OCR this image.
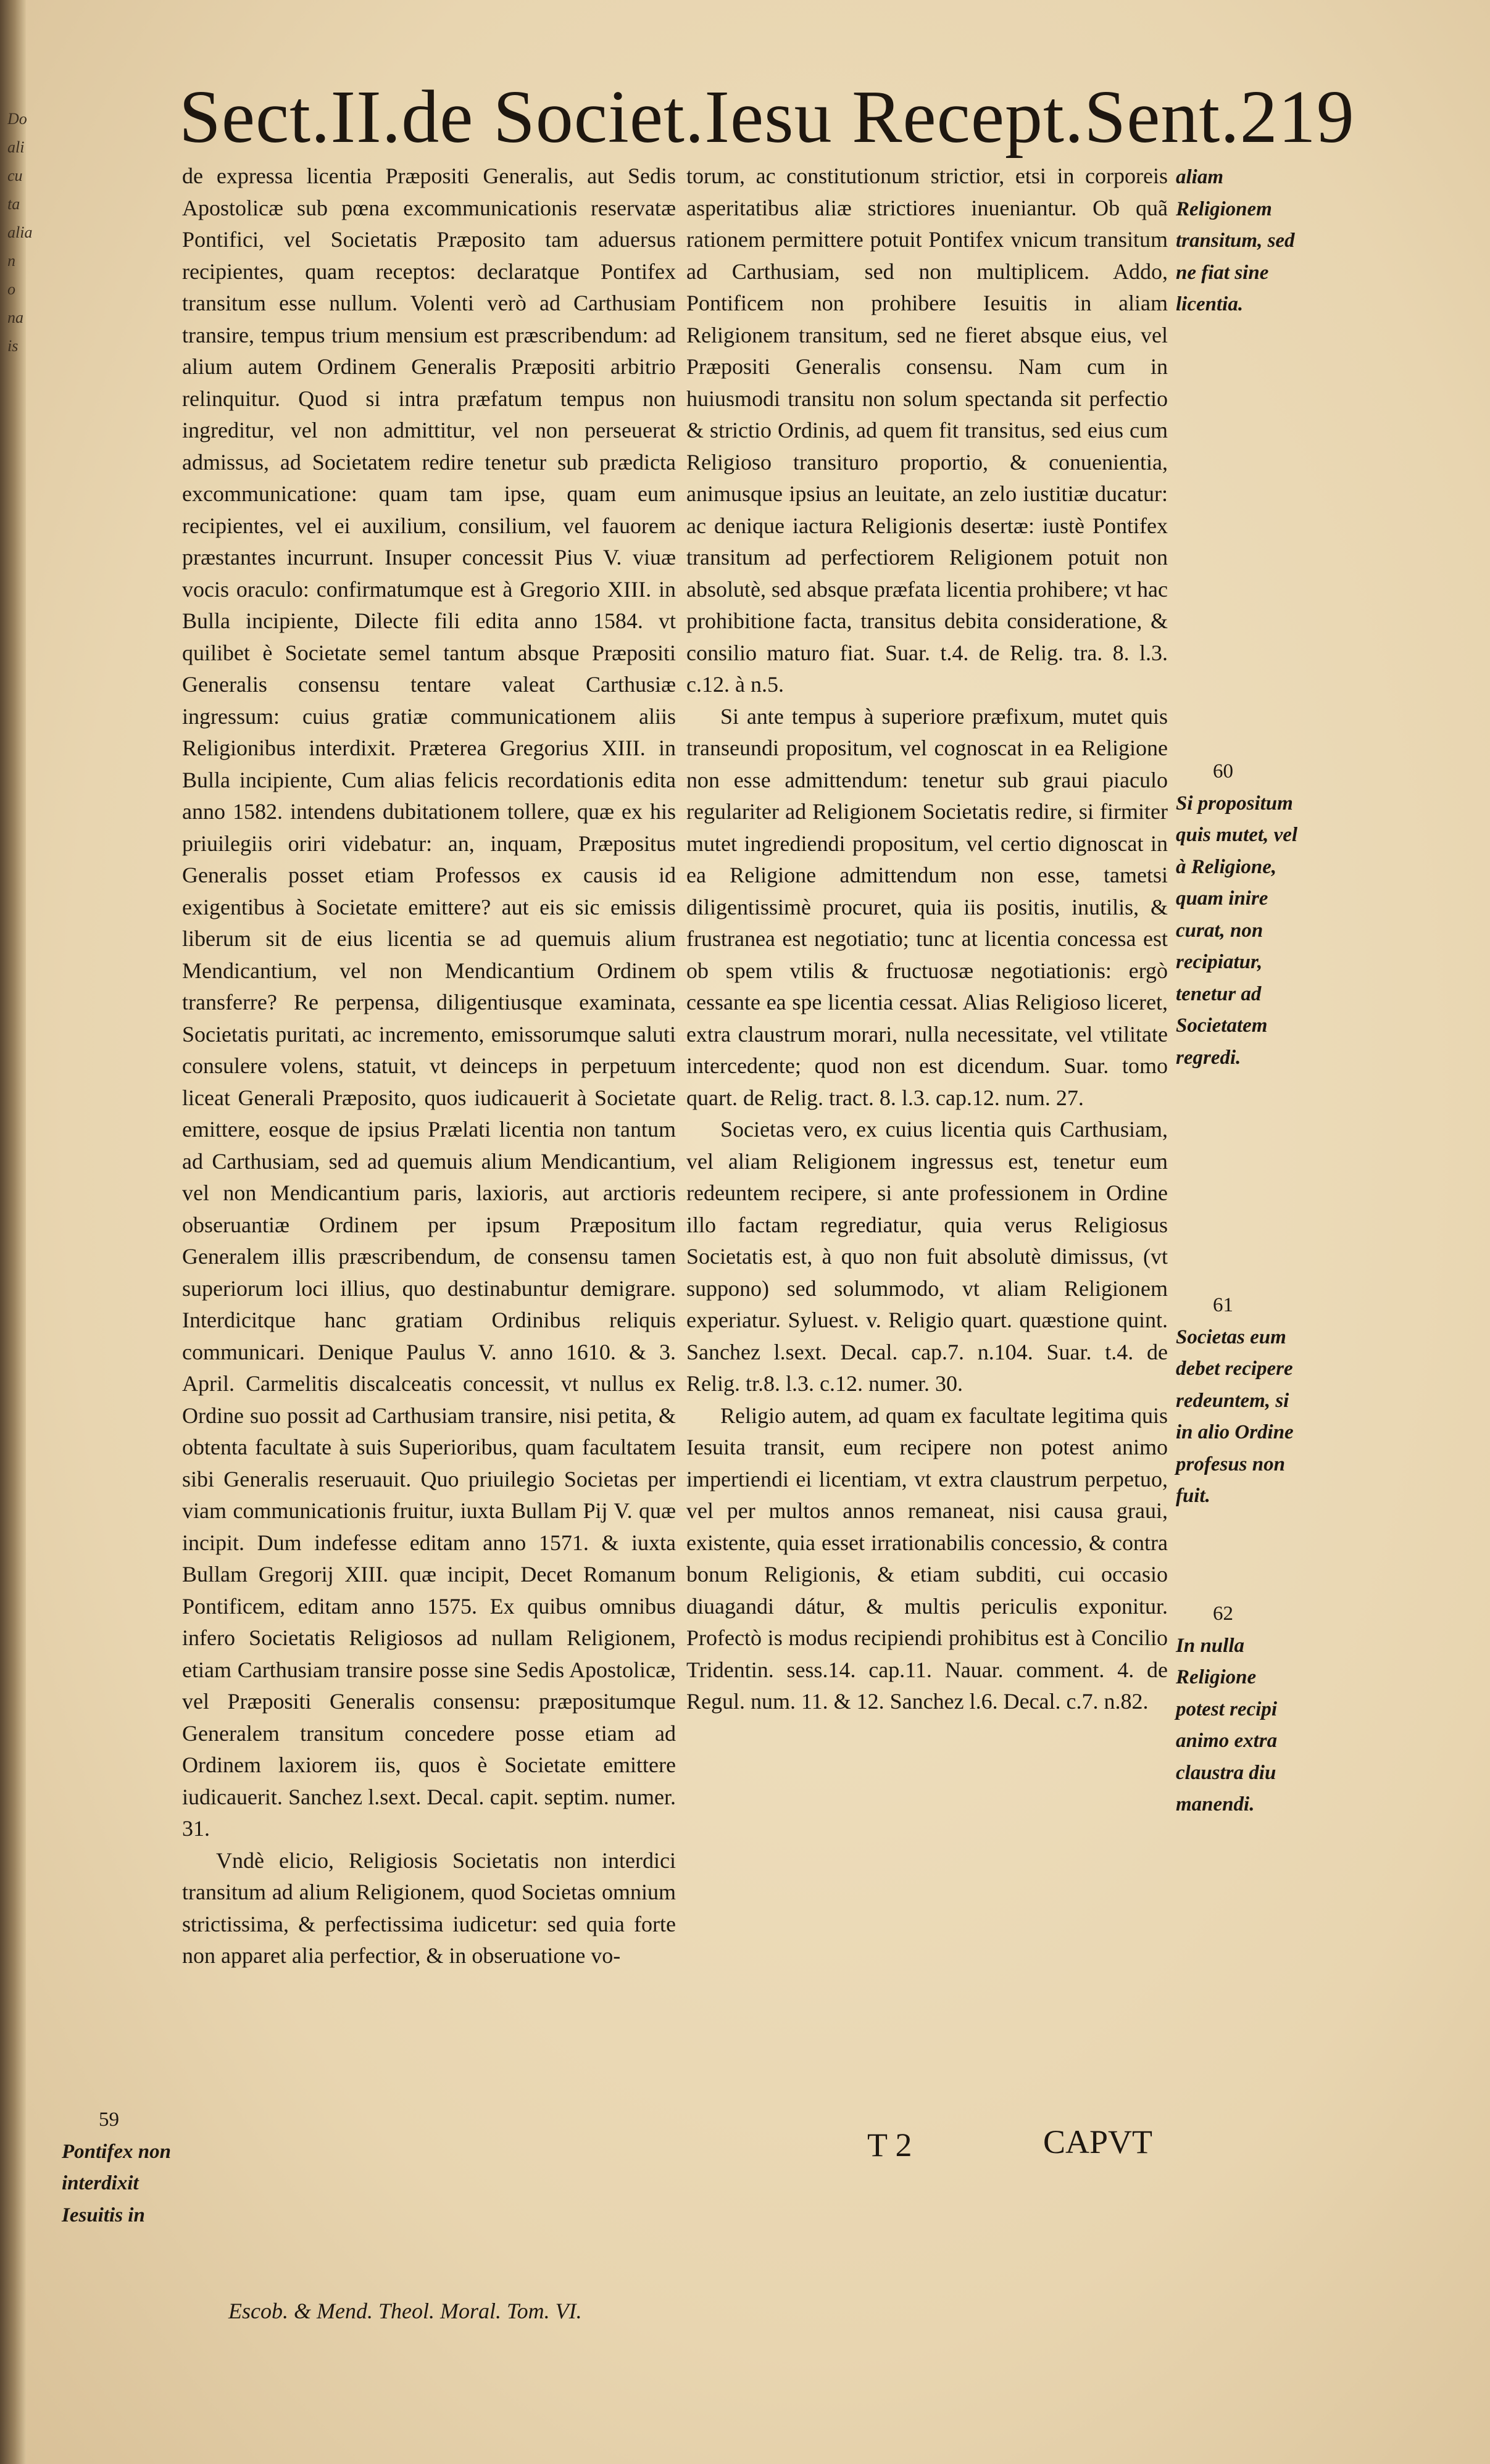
Do
ali
cu
ta
alia
n
o
na
is
Sect.II.de Societ.Iesu Recept.Sent.219

de expressa licentia Præpositi Generalis, aut Sedis Apostolicæ sub pœna excommunicationis reservatæ Pontifici, vel Societatis Præposito tam aduersus recipientes, quam receptos: declaratque Pontifex transitum esse nullum. Volenti verò ad Carthusiam transire, tempus trium mensium est præscribendum: ad alium autem Ordinem Generalis Præpositi arbitrio relinquitur. Quod si intra præfatum tempus non ingreditur, vel non admittitur, vel non perseuerat admissus, ad Societatem redire tenetur sub prædicta excommunicatione: quam tam ipse, quam eum recipientes, vel ei auxilium, consilium, vel fauorem præstantes incurrunt. Insuper concessit Pius V. viuæ vocis oraculo: confirmatumque est à Gregorio XIII. in Bulla incipiente, Dilecte fili edita anno 1584. vt quilibet è Societate semel tantum absque Præpositi Generalis consensu tentare valeat Carthusiæ ingressum: cuius gratiæ communicationem aliis Religionibus interdixit. Præterea Gregorius XIII. in Bulla incipiente, Cum alias felicis recordationis edita anno 1582. intendens dubitationem tollere, quæ ex his priuilegiis oriri videbatur: an, inquam, Præpositus Generalis posset etiam Professos ex causis id exigentibus à Societate emittere? aut eis sic emissis liberum sit de eius licentia se ad quemuis alium Mendicantium, vel non Mendicantium Ordinem transferre? Re perpensa, diligentiusque examinata, Societatis puritati, ac incremento, emissorumque saluti consulere volens, statuit, vt deinceps in perpetuum liceat Generali Præposito, quos iudicauerit à Societate emittere, eosque de ipsius Prælati licentia non tantum ad Carthusiam, sed ad quemuis alium Mendicantium, vel non Mendicantium paris, laxioris, aut arctioris obseruantiæ Ordinem per ipsum Præpositum Generalem illis præscribendum, de consensu tamen superiorum loci illius, quo destinabuntur demigrare. Interdicitque hanc gratiam Ordinibus reliquis communicari. Denique Paulus V. anno 1610. & 3. April. Carmelitis discalceatis concessit, vt nullus ex Ordine suo possit ad Carthusiam transire, nisi petita, & obtenta facultate à suis Superioribus, quam facultatem sibi Generalis reseruauit. Quo priuilegio Societas per viam communicationis fruitur, iuxta Bullam Pij V. quæ incipit. Dum indefesse editam anno 1571. & iuxta Bullam Gregorij XIII. quæ incipit, Decet Romanum Pontificem, editam anno 1575. Ex quibus omnibus infero Societatis Religiosos ad nullam Religionem, etiam Carthusiam transire posse sine Sedis Apostolicæ, vel Præpositi Generalis consensu: præpositumque Generalem transitum concedere posse etiam ad Ordinem laxiorem iis, quos è Societate emittere iudicauerit. Sanchez l.sext. Decal. capit. septim. numer. 31.

Vndè elicio, Religiosis Societatis non interdici transitum ad alium Religionem, quod Societas omnium strictissima, & perfectissima iudicetur: sed quia forte non apparet alia perfectior, & in obseruatione vo-

59
Pontifex non interdixit Iesuitis in

torum, ac constitutionum strictior, etsi in corporeis asperitatibus aliæ strictiores inueniantur. Ob quã rationem permittere potuit Pontifex vnicum transitum ad Carthusiam, sed non multiplicem. Addo, Pontificem non prohibere Iesuitis in aliam Religionem transitum, sed ne fieret absque eius, vel Præpositi Generalis consensu. Nam cum in huiusmodi transitu non solum spectanda sit perfectio & strictio Ordinis, ad quem fit transitus, sed eius cum Religioso transituro proportio, & conuenientia, animusque ipsius an leuitate, an zelo iustitiæ ducatur: ac denique iactura Religionis desertæ: iustè Pontifex transitum ad perfectiorem Religionem potuit non absolutè, sed absque præfata licentia prohibere; vt hac prohibitione facta, transitus debita consideratione, & consilio maturo fiat. Suar. t.4. de Relig. tra. 8. l.3. c.12. à n.5.

Si ante tempus à superiore præfixum, mutet quis transeundi propositum, vel cognoscat in ea Religione non esse admittendum: tenetur sub graui piaculo regulariter ad Religionem Societatis redire, si firmiter mutet ingrediendi propositum, vel certio dignoscat in ea Religione admittendum non esse, tametsi diligentissimè procuret, quia iis positis, inutilis, & frustranea est negotiatio; tunc at licentia concessa est ob spem vtilis & fructuosæ negotiationis: ergò cessante ea spe licentia cessat. Alias Religioso liceret, extra claustrum morari, nulla necessitate, vel vtilitate intercedente; quod non est dicendum. Suar. tomo quart. de Relig. tract. 8. l.3. cap.12. num. 27.

Societas vero, ex cuius licentia quis Carthusiam, vel aliam Religionem ingressus est, tenetur eum redeuntem recipere, si ante professionem in Ordine illo factam regrediatur, quia verus Religiosus Societatis est, à quo non fuit absolutè dimissus, (vt suppono) sed solummodo, vt aliam Religionem experiatur. Syluest. v. Religio quart. quæstione quint. Sanchez l.sext. Decal. cap.7. n.104. Suar. t.4. de Relig. tr.8. l.3. c.12. numer. 30.

Religio autem, ad quam ex facultate legitima quis Iesuita transit, eum recipere non potest animo impertiendi ei licentiam, vt extra claustrum perpetuo, vel per multos annos remaneat, nisi causa graui, existente, quia esset irrationabilis concessio, & contra bonum Religionis, & etiam subditi, cui occasio diuagandi dátur, & multis periculis exponitur. Profectò is modus recipiendi prohibitus est à Concilio Tridentin. sess.14. cap.11. Nauar. comment. 4. de Regul. num. 11. & 12. Sanchez l.6. Decal. c.7. n.82.

aliam Religionem transitum, sed ne fiat sine licentia.
60
Si propositum quis mutet, vel à Religione, quam inire curat, non recipiatur, tenetur ad Societatem regredi.
61
Societas eum debet recipere redeuntem, si in alio Ordine profesus non fuit.
62
In nulla Religione potest recipi animo extra claustra diu manendi.
T 2	CAPVT
Escob. & Mend. Theol. Moral. Tom. VI.
